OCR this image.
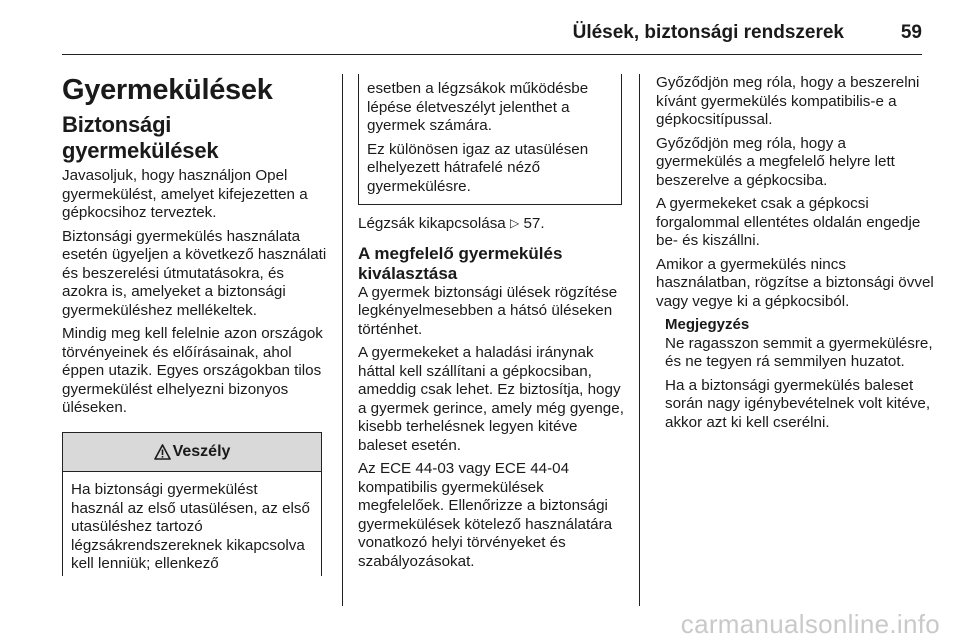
Ülések, biztonsági rendszerek	59
Gyermekülések
Biztonsági gyermekülések

Javasoljuk, hogy használjon Opel gyermekülést, amelyet kifejezetten a gépkocsihoz terveztek.

Biztonsági gyermekülés használata esetén ügyeljen a következő használati és beszerelési útmutatásokra, és azokra is, amelyeket a biztonsági gyermeküléshez mellékeltek.

Mindig meg kell felelnie azon országok törvényeinek és előírásainak, ahol éppen utazik. Egyes országokban tilos gyermekülést elhelyezni bizonyos üléseken.

Veszély
Ha biztonsági gyermekülést használ az első utasülésen, az első utasüléshez tartozó légzsákrendszereknek kikapcsolva kell lenniük; ellenkező

esetben a légzsákok működésbe lépése életveszélyt jelenthet a gyermek számára.

Ez különösen igaz az utasülésen elhelyezett hátrafelé néző gyermekülésre.

Légzsák kikapcsolása ▷ 57.

A megfelelő gyermekülés kiválasztása

A gyermek biztonsági ülések rögzítése legkényelmesebben a hátsó üléseken történhet.

A gyermekeket a haladási iránynak háttal kell szállítani a gépkocsiban, ameddig csak lehet. Ez biztosítja, hogy a gyermek gerince, amely még gyenge, kisebb terhelésnek legyen kitéve baleset esetén.

Az ECE 44-03 vagy ECE 44-04 kompatibilis gyermekülések megfelelőek. Ellenőrizze a biztonsági gyermekülések kötelező használatára vonatkozó helyi törvényeket és szabályozásokat.

Győződjön meg róla, hogy a beszerelni kívánt gyermekülés kompatibilis-e a gépkocsitípussal.

Győződjön meg róla, hogy a gyermekülés a megfelelő helyre lett beszerelve a gépkocsiba.

A gyermekeket csak a gépkocsi forgalommal ellentétes oldalán engedje be- és kiszállni.

Amikor a gyermekülés nincs használatban, rögzítse a biztonsági övvel vagy vegye ki a gépkocsiból.

Megjegyzés

Ne ragasszon semmit a gyermekülésre, és ne tegyen rá semmilyen huzatot.

Ha a biztonsági gyermekülés baleset során nagy igénybevételnek volt kitéve, akkor azt ki kell cserélni.

carmanualsonline.info
